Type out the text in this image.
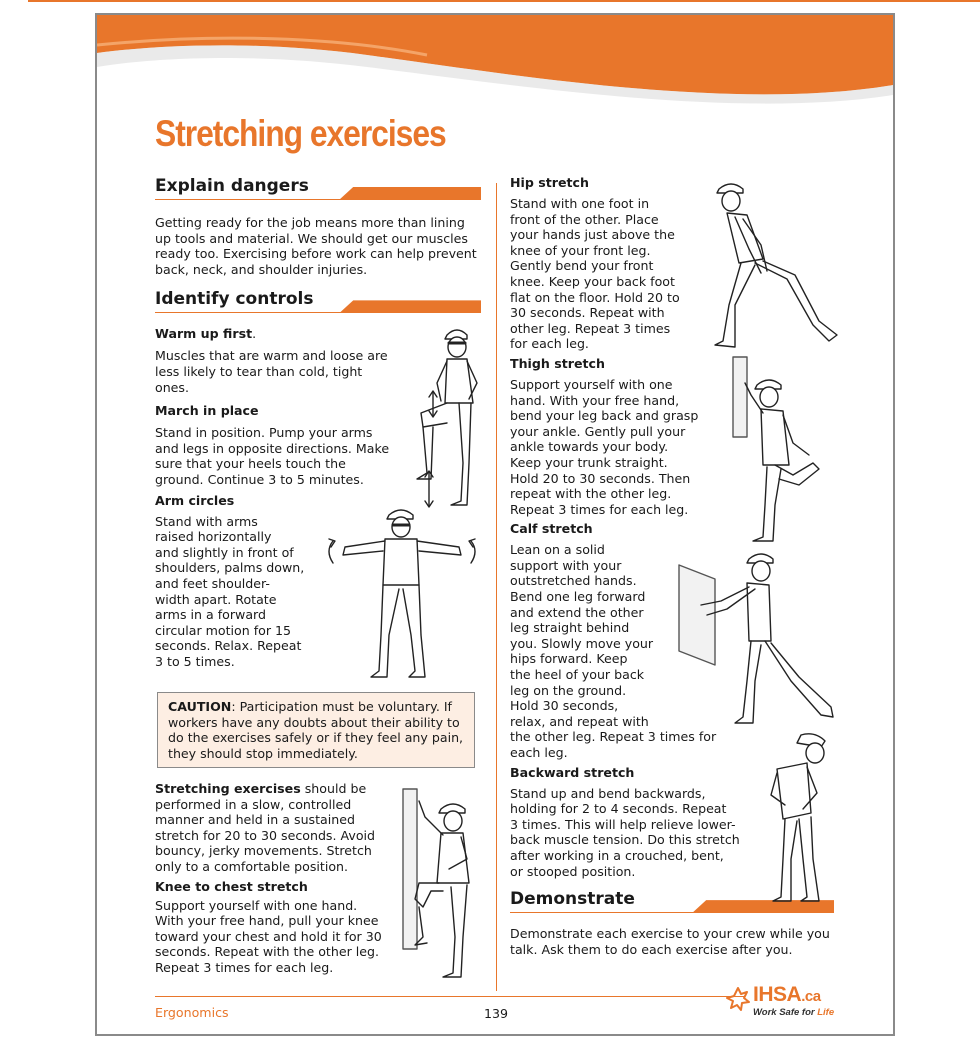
Stretching exercises
Explain dangers
Getting ready for the job means more than lining up tools and material. We should get our muscles ready too. Exercising before work can help prevent back, neck, and shoulder injuries.
Identify controls
Warm up first.
Muscles that are warm and loose are less likely to tear than cold, tight ones.
March in place
Stand in position. Pump your arms and legs in opposite directions. Make sure that your heels touch the ground. Continue 3 to 5 minutes.
Arm circles
Stand with arms
raised horizontally
and slightly in front of
shoulders, palms down,
and feet shoulder-
width apart. Rotate
arms in a forward
circular motion for 15
seconds. Relax. Repeat
3 to 5 times.
CAUTION: Participation must be voluntary. If workers have any doubts about their ability to do the exercises safely or if they feel any pain, they should stop immediately.
Stretching exercises should be performed in a slow, controlled manner and held in a sustained stretch for 20 to 30 seconds. Avoid bouncy, jerky movements. Stretch only to a comfortable position.
Knee to chest stretch
Support yourself with one hand. With your free hand, pull your knee toward your chest and hold it for 30 seconds. Repeat with the other leg. Repeat 3 times for each leg.
Hip stretch
Stand with one foot in
front of the other. Place
your hands just above the
knee of your front leg.
Gently bend your front
knee. Keep your back foot
flat on the floor. Hold 20 to
30 seconds. Repeat with
other leg. Repeat 3 times
for each leg.
Thigh stretch
Support yourself with one
hand. With your free hand,
bend your leg back and grasp
your ankle. Gently pull your
ankle towards your body.
Keep your trunk straight.
Hold 20 to 30 seconds. Then
repeat with the other leg.
Repeat 3 times for each leg.
Calf stretch
Lean on a solid
support with your
outstretched hands.
Bend one leg forward
and extend the other
leg straight behind
you. Slowly move your
hips forward. Keep
the heel of your back
leg on the ground.
Hold 30 seconds,
relax, and repeat with
the other leg. Repeat 3 times for
each leg.
Backward stretch
Stand up and bend backwards,
holding for 2 to 4 seconds. Repeat
3 times. This will help relieve lower-
back muscle tension. Do this stretch
after working in a crouched, bent,
or stooped position.
Demonstrate
Demonstrate each exercise to your crew while you talk. Ask them to do each exercise after you.
Ergonomics	139
IHSA.ca
Work Safe for Life
